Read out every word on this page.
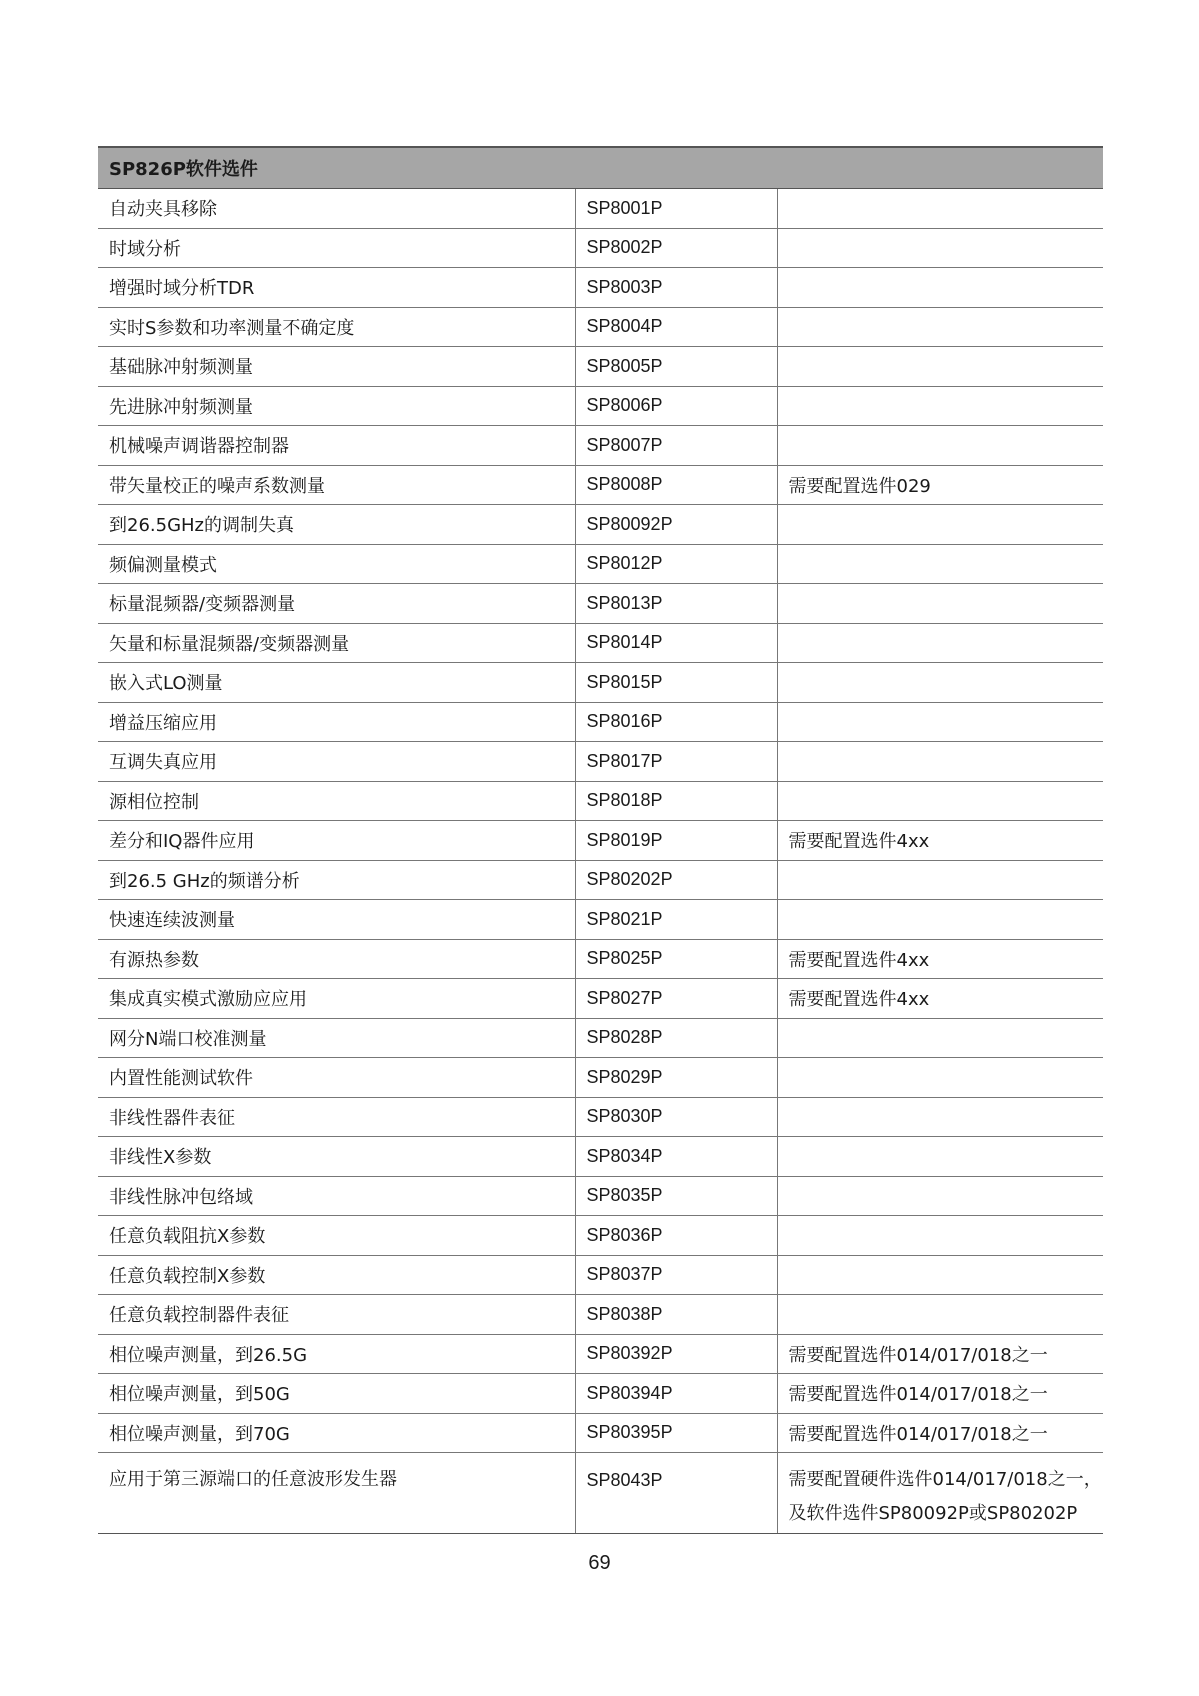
SP826P软件选件		
自动夹具移除	SP8001P	
时域分析	SP8002P	
增强时域分析TDR	SP8003P	
实时S参数和功率测量不确定度	SP8004P	
基础脉冲射频测量	SP8005P	
先进脉冲射频测量	SP8006P	
机械噪声调谐器控制器	SP8007P	
带矢量校正的噪声系数测量	SP8008P	需要配置选件029
到26.5GHz的调制失真	SP80092P	
频偏测量模式	SP8012P	
标量混频器/变频器测量	SP8013P	
矢量和标量混频器/变频器测量	SP8014P	
嵌入式LO测量	SP8015P	
增益压缩应用	SP8016P	
互调失真应用	SP8017P	
源相位控制	SP8018P	
差分和IQ器件应用	SP8019P	需要配置选件4xx
到26.5 GHz的频谱分析	SP80202P	
快速连续波测量	SP8021P	
有源热参数	SP8025P	需要配置选件4xx
集成真实模式激励应应用	SP8027P	需要配置选件4xx
网分N端口校准测量	SP8028P	
内置性能测试软件	SP8029P	
非线性器件表征	SP8030P	
非线性X参数	SP8034P	
非线性脉冲包络域	SP8035P	
任意负载阻抗X参数	SP8036P	
任意负载控制X参数	SP8037P	
任意负载控制器件表征	SP8038P	
相位噪声测量，到26.5G	SP80392P	需要配置选件014/017/018之一
相位噪声测量，到50G	SP80394P	需要配置选件014/017/018之一
相位噪声测量，到70G	SP80395P	需要配置选件014/017/018之一
应用于第三源端口的任意波形发生器	SP8043P	需要配置硬件选件014/017/018之一，及软件选件SP80092P或SP80202P
69
